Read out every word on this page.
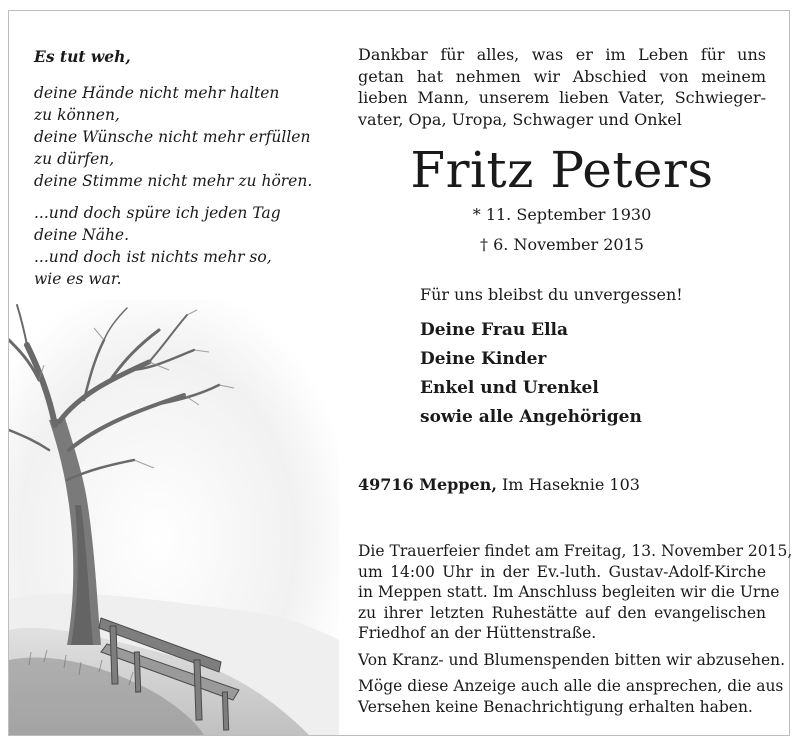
Es tut weh,
deine Hände nicht mehr halten
zu können,
deine Wünsche nicht mehr erfüllen
zu dürfen,
deine Stimme nicht mehr zu hören.
...und doch spüre ich jeden Tag
deine Nähe.
...und doch ist nichts mehr so,
wie es war.
Dankbar für alles, was er im Leben für uns
getan hat nehmen wir Abschied von meinem
lieben Mann, unserem lieben Vater, Schwieger-
vater, Opa, Uropa, Schwager und Onkel
Fritz Peters
* 11. September 1930
† 6. November 2015
Für uns bleibst du unvergessen!
Deine Frau Ella
Deine Kinder
Enkel und Urenkel
sowie alle Angehörigen
49716 Meppen, Im Haseknie 103
Die Trauerfeier findet am Freitag, 13. November 2015,
um 14:00 Uhr in der Ev.-luth. Gustav-Adolf-Kirche
in Meppen statt. Im Anschluss begleiten wir die Urne
zu ihrer letzten Ruhestätte auf den evangelischen
Friedhof an der Hüttenstraße.
Von Kranz- und Blumenspenden bitten wir abzusehen.
Möge diese Anzeige auch alle die ansprechen, die aus
Versehen keine Benachrichtigung erhalten haben.
